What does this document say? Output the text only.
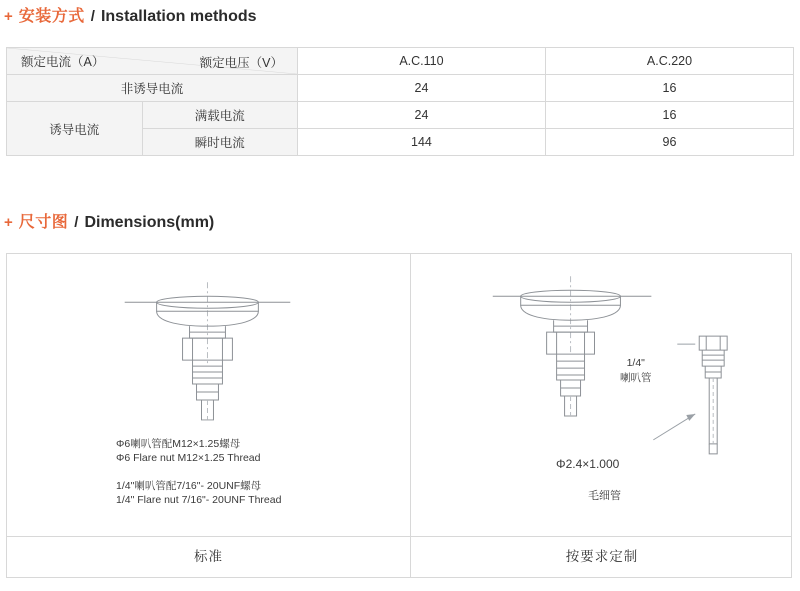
+ 安装方式 / Installation methods
额定电压（V）
额定电流（A）		A.C.110	A.C.220
非诱导电流		24	16
诱导电流	满载电流	24	16
	瞬时电流	144	96
+ 尺寸图 / Dimensions(mm)
标准	按要求定制
Φ6喇叭管配M12×1.25螺母
Φ6 Flare nut M12×1.25 Thread
1/4"喇叭管配7/16"- 20UNF螺母
1/4" Flare nut 7/16"- 20UNF Thread
1/4"
喇叭管
Φ2.4×1.000
毛细管
